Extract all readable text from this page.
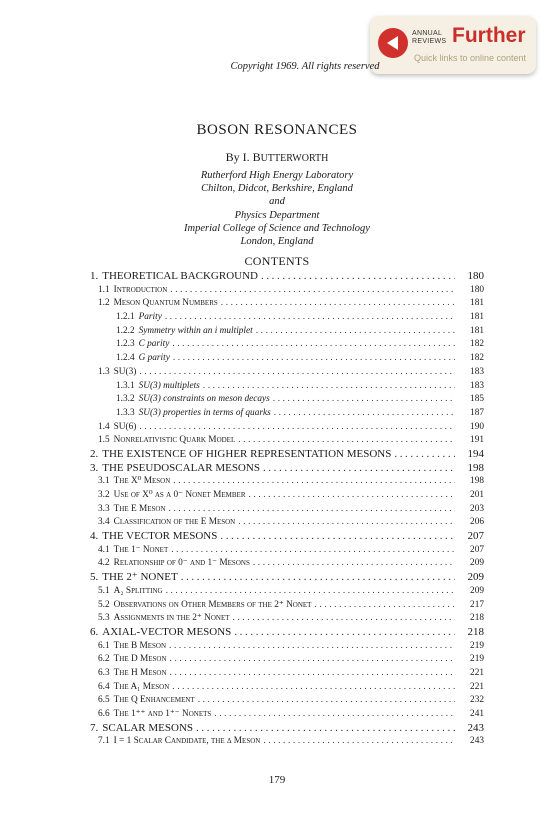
ANNUAL
REVIEWS Further
Quick links to online content
Copyright 1969. All rights reserved
BOSON RESONANCES
By I. BUTTERWORTH
Rutherford High Energy Laboratory
Chilton, Didcot, Berkshire, England
and
Physics Department
Imperial College of Science and Technology
London, England
CONTENTS
1. THEORETICAL BACKGROUND .....	180
1.1 Introduction .....	180
1.2 Meson Quantum Numbers .....	181
1.2.1 Parity .....	181
1.2.2 Symmetry within an i multiplet .....	181
1.2.3 C parity .....	182
1.2.4 G parity .....	182
1.3 SU(3) .....	183
1.3.1 SU(3) multiplets .....	183
1.3.2 SU(3) constraints on meson decays .....	185
1.3.3 SU(3) properties in terms of quarks .....	187
1.4 SU(6) .....	190
1.5 Nonrelativistic Quark Model .....	191
2. THE EXISTENCE OF HIGHER REPRESENTATION MESONS .....	194
3. THE PSEUDOSCALAR MESONS .....	198
3.1 The X⁰ Meson .....	198
3.2 Use of X⁰ as a 0⁻ Nonet Member .....	201
3.3 The E Meson .....	203
3.4 Classification of the E Meson .....	206
4. THE VECTOR MESONS .....	207
4.1 The 1⁻ Nonet .....	207
4.2 Relationship of 0⁻ and 1⁻ Mesons .....	209
5. THE 2⁺ NONET .....	209
5.1 A₂ Splitting .....	209
5.2 Observations on Other Members of the 2⁺ Nonet .....	217
5.3 Assignments in the 2⁺ Nonet .....	218
6. AXIAL-VECTOR MESONS .....	218
6.1 The B Meson .....	219
6.2 The D Meson .....	219
6.3 The H Meson .....	221
6.4 The A₁ Meson .....	221
6.5 The Q Enhancement .....	232
6.6 The 1⁺⁺ and 1⁺⁻ Nonets .....	241
7. SCALAR MESONS .....	243
7.1 I = 1 Scalar Candidate, the δ Meson .....	243
179
